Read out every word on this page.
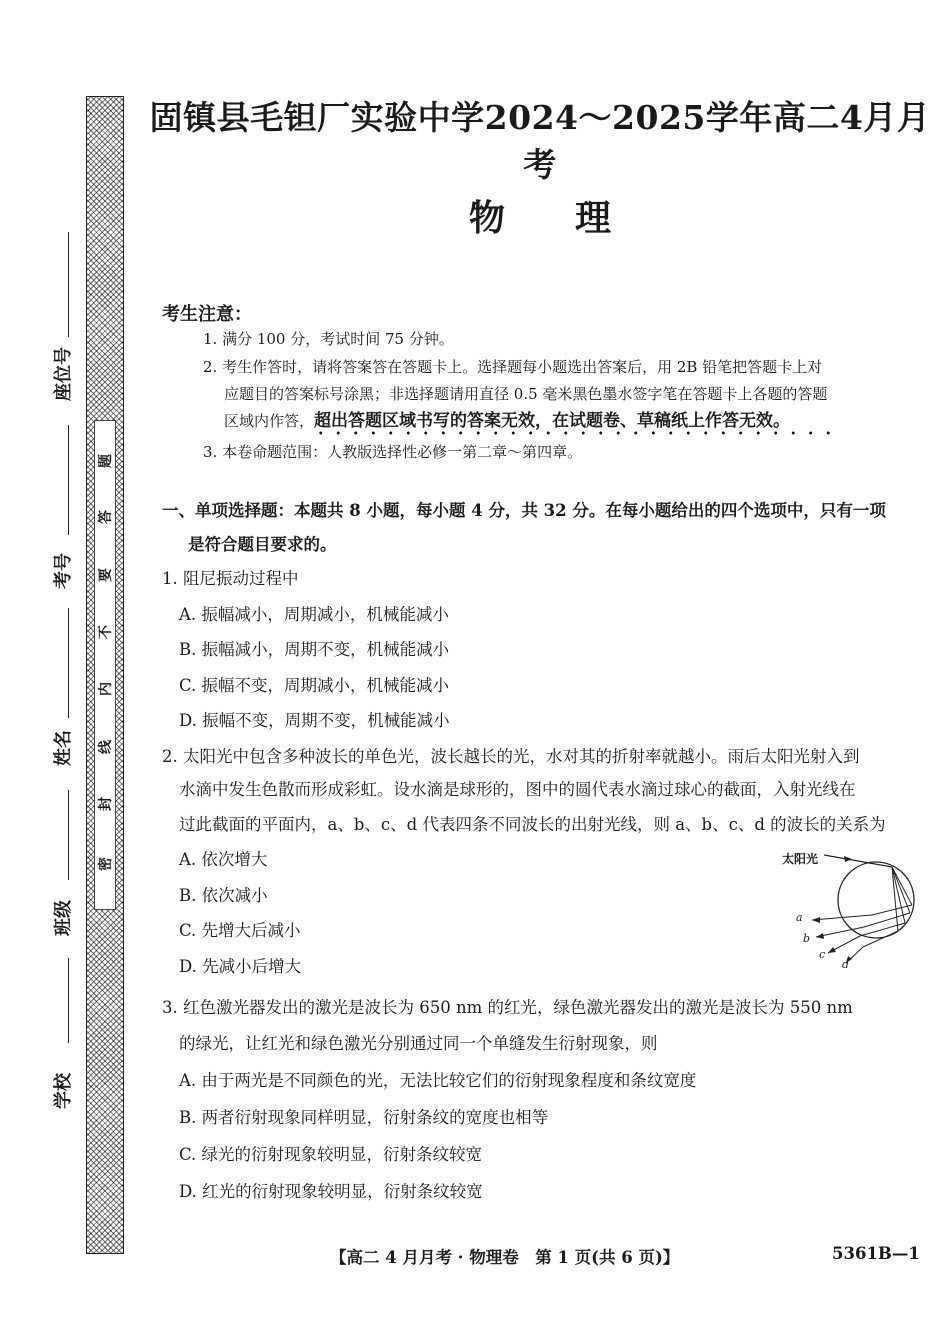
密
封
线
内
不
要
答
题
座位号
考号
姓名
班级
学校
固镇县毛钽厂实验中学2024～2025学年高二4月月考
物理
考生注意：
1. 满分 100 分，考试时间 75 分钟。
2. 考生作答时，请将答案答在答题卡上。选择题每小题选出答案后，用 2B 铅笔把答题卡上对
应题目的答案标号涂黑；非选择题请用直径 0.5 毫米黑色墨水签字笔在答题卡上各题的答题
区域内作答，超出答题区域书写的答案无效，在试题卷、草稿纸上作答无效。
3. 本卷命题范围：人教版选择性必修一第二章～第四章。
一、单项选择题：本题共 8 小题，每小题 4 分，共 32 分。在每小题给出的四个选项中，只有一项
是符合题目要求的。
1. 阻尼振动过程中
A. 振幅减小，周期减小，机械能减小
B. 振幅减小，周期不变，机械能减小
C. 振幅不变，周期减小，机械能减小
D. 振幅不变，周期不变，机械能减小
2. 太阳光中包含多种波长的单色光，波长越长的光，水对其的折射率就越小。雨后太阳光射入到
水滴中发生色散而形成彩虹。设水滴是球形的，图中的圆代表水滴过球心的截面，入射光线在
过此截面的平面内，a、b、c、d 代表四条不同波长的出射光线，则 a、b、c、d 的波长的关系为
A. 依次增大
B. 依次减小
C. 先增大后减小
D. 先减小后增大
太阳光
a
b
c
d
3. 红色激光器发出的激光是波长为 650 nm 的红光，绿色激光器发出的激光是波长为 550 nm
的绿光，让红光和绿色激光分别通过同一个单缝发生衍射现象，则
A. 由于两光是不同颜色的光，无法比较它们的衍射现象程度和条纹宽度
B. 两者衍射现象同样明显，衍射条纹的宽度也相等
C. 绿光的衍射现象较明显，衍射条纹较宽
D. 红光的衍射现象较明显，衍射条纹较宽
【高二 4 月月考 · 物理卷　第 1 页(共 6 页)】	5361B—1
